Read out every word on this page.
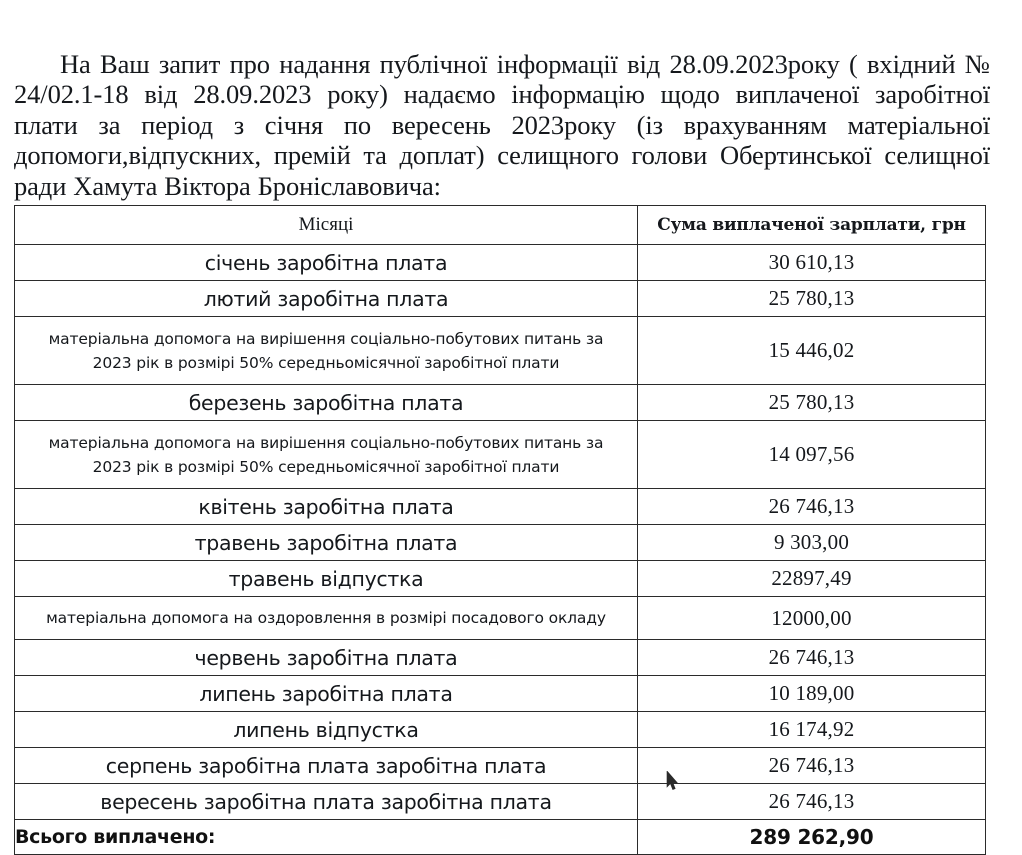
На Ваш запит про надання публічної інформації від 28.09.2023року ( вхідний № 24/02.1-18 від 28.09.2023 року) надаємо інформацію щодо виплаченої заробітної плати за період з січня по вересень 2023року (із врахуванням матеріальної допомоги,відпускних, премій та доплат) селищного голови Обертинської селищної ради Хамута Віктора Броніславовича:

Місяці	Сума виплаченої зарплати, грн
січень заробітна плата	30 610,13
лютий заробітна плата	25 780,13
матеріальна допомога на вирішення соціально-побутових питань за 2023 рік в розмірі 50% середньомісячної заробітної плати	15 446,02
березень заробітна плата	25 780,13
матеріальна допомога на вирішення соціально-побутових питань за 2023 рік в розмірі 50% середньомісячної заробітної плати	14 097,56
квітень заробітна плата	26 746,13
травень заробітна плата	9 303,00
травень відпустка	22897,49
матеріальна допомога на оздоровлення в розмірі посадового окладу	12000,00
червень заробітна плата	26 746,13
липень заробітна плата	10 189,00
липень відпустка	16 174,92
серпень заробітна плата заробітна плата	26 746,13
вересень заробітна плата заробітна плата	26 746,13
Всього виплачено:	289 262,90
